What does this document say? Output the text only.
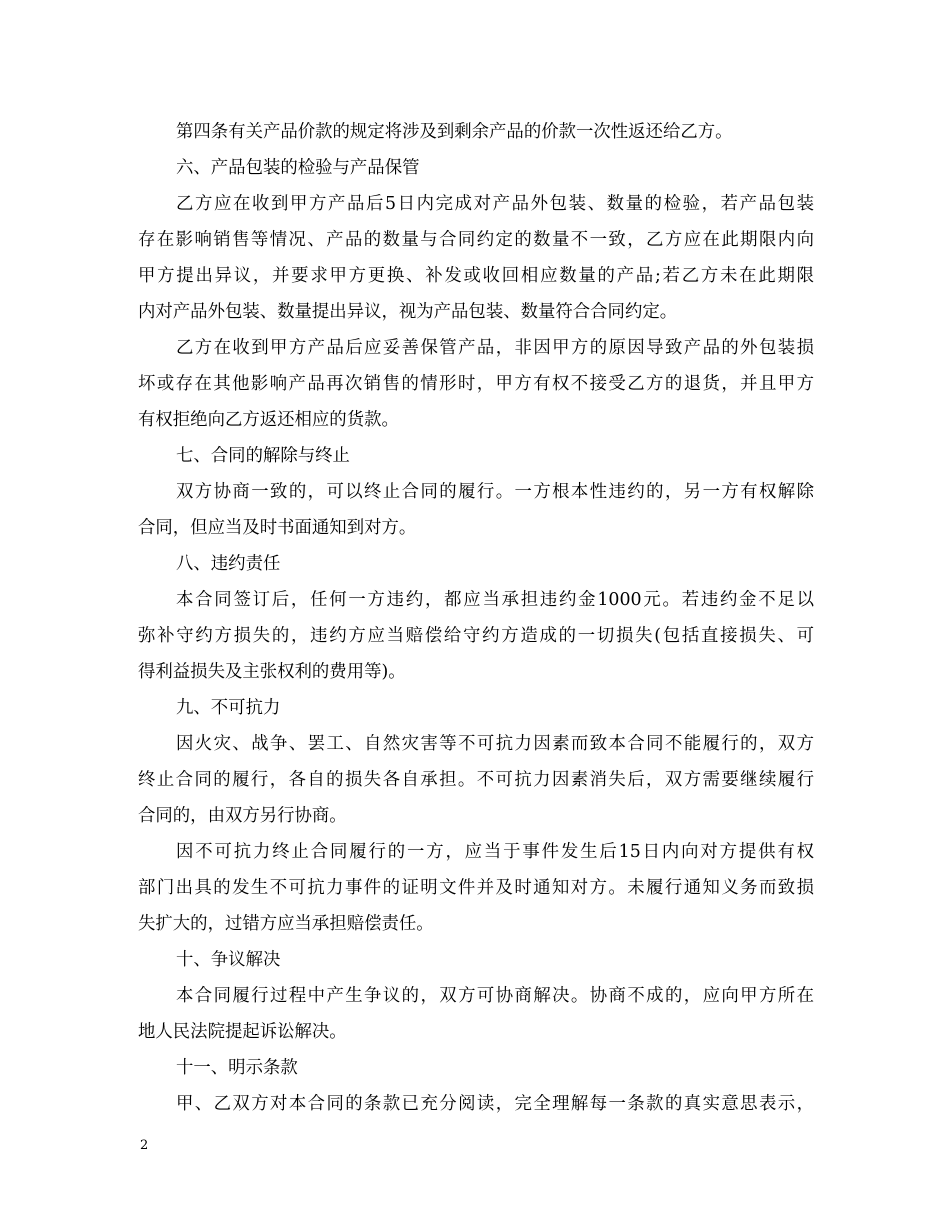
第四条有关产品价款的规定将涉及到剩余产品的价款一次性返还给乙方。
六、产品包装的检验与产品保管
乙方应在收到甲方产品后5日内完成对产品外包装、数量的检验，若产品包装
存在影响销售等情况、产品的数量与合同约定的数量不一致，乙方应在此期限内向
甲方提出异议，并要求甲方更换、补发或收回相应数量的产品;若乙方未在此期限
内对产品外包装、数量提出异议，视为产品包装、数量符合合同约定。
乙方在收到甲方产品后应妥善保管产品，非因甲方的原因导致产品的外包装损
坏或存在其他影响产品再次销售的情形时，甲方有权不接受乙方的退货，并且甲方
有权拒绝向乙方返还相应的货款。
七、合同的解除与终止
双方协商一致的，可以终止合同的履行。一方根本性违约的，另一方有权解除
合同，但应当及时书面通知到对方。
八、违约责任
本合同签订后，任何一方违约，都应当承担违约金1000元。若违约金不足以
弥补守约方损失的，违约方应当赔偿给守约方造成的一切损失(包括直接损失、可
得利益损失及主张权利的费用等)。
九、不可抗力
因火灾、战争、罢工、自然灾害等不可抗力因素而致本合同不能履行的，双方
终止合同的履行，各自的损失各自承担。不可抗力因素消失后，双方需要继续履行
合同的，由双方另行协商。
因不可抗力终止合同履行的一方，应当于事件发生后15日内向对方提供有权
部门出具的发生不可抗力事件的证明文件并及时通知对方。未履行通知义务而致损
失扩大的，过错方应当承担赔偿责任。
十、争议解决
本合同履行过程中产生争议的，双方可协商解决。协商不成的，应向甲方所在
地人民法院提起诉讼解决。
十一、明示条款
甲、乙双方对本合同的条款已充分阅读，完全理解每一条款的真实意思表示，
2
